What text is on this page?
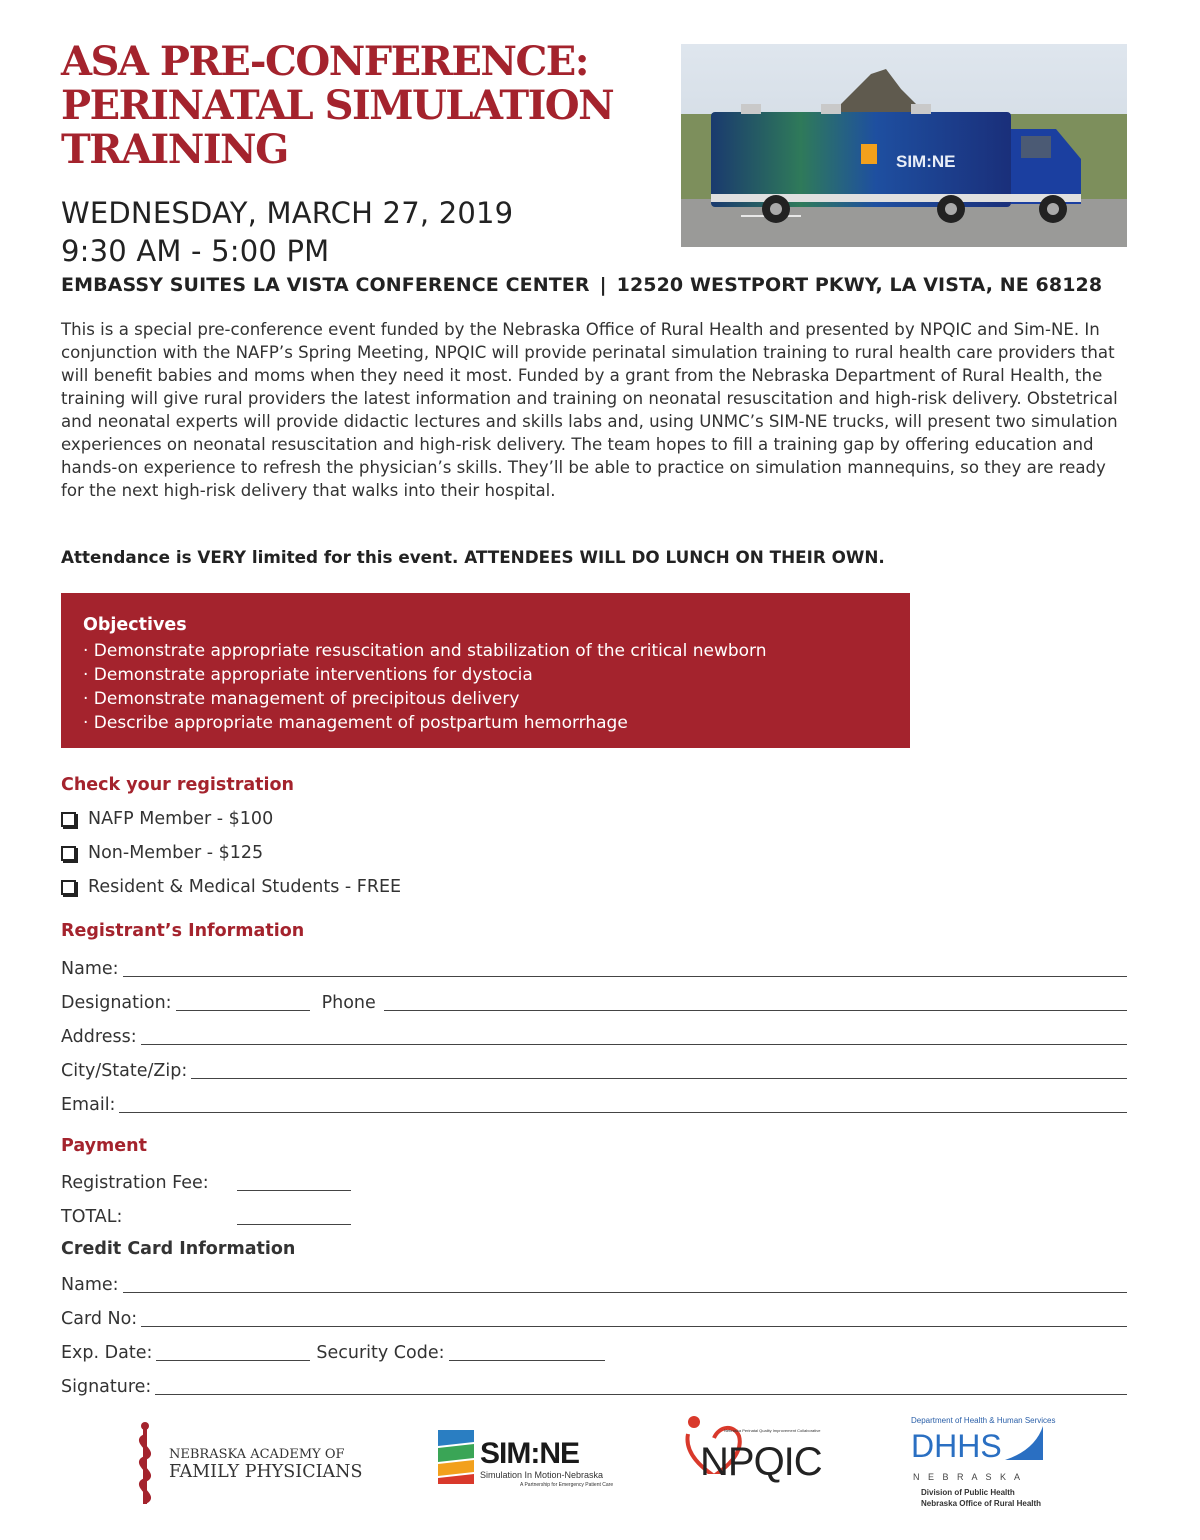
ASA PRE-CONFERENCE:
PERINATAL SIMULATION
TRAINING	SIM:NE
WEDNESDAY, MARCH 27, 2019
9:30 AM - 5:00 PM
EMBASSY SUITES LA VISTA CONFERENCE CENTER | 12520 WESTPORT PKWY, LA VISTA, NE 68128

This is a special pre-conference event funded by the Nebraska Office of Rural Health and presented by NPQIC and Sim-NE. In conjunction with the NAFP’s Spring Meeting, NPQIC will provide perinatal simulation training to rural health care providers that will benefit babies and moms when they need it most. Funded by a grant from the Nebraska Department of Rural Health, the training will give rural providers the latest information and training on neonatal resuscitation and high-risk delivery. Obstetrical and neonatal experts will provide didactic lectures and skills labs and, using UNMC’s SIM-NE trucks, will present two simulation experiences on neonatal resuscitation and high-risk delivery. The team hopes to fill a training gap by offering education and hands-on experience to refresh the physician’s skills. They’ll be able to practice on simulation mannequins, so they are ready for the next high-risk delivery that walks into their hospital.

Attendance is VERY limited for this event. ATTENDEES WILL DO LUNCH ON THEIR OWN.

Objectives
· Demonstrate appropriate resuscitation and stabilization of the critical newborn
· Demonstrate appropriate interventions for dystocia
· Demonstrate management of precipitous delivery
· Describe appropriate management of postpartum hemorrhage
Check your registration
NAFP Member - $100
Non-Member - $125
Resident & Medical Students - FREE
Registrant’s Information
Name:
Designation:	Phone
Address:
City/State/Zip:
Email:
Payment
Registration Fee:
TOTAL:
Credit Card Information
Name:
Card No:
Exp. Date:	Security Code:
Signature:
NEBRASKA ACADEMY OF
FAMILY PHYSICIANS
SIM:NE
Simulation In Motion-Nebraska
A Partnership for Emergency Patient Care
Nebraska Perinatal Quality Improvement Collaborative
NPQIC
Department of Health & Human Services
DHHS
N E B R A S K A
Division of Public Health
Nebraska Office of Rural Health
